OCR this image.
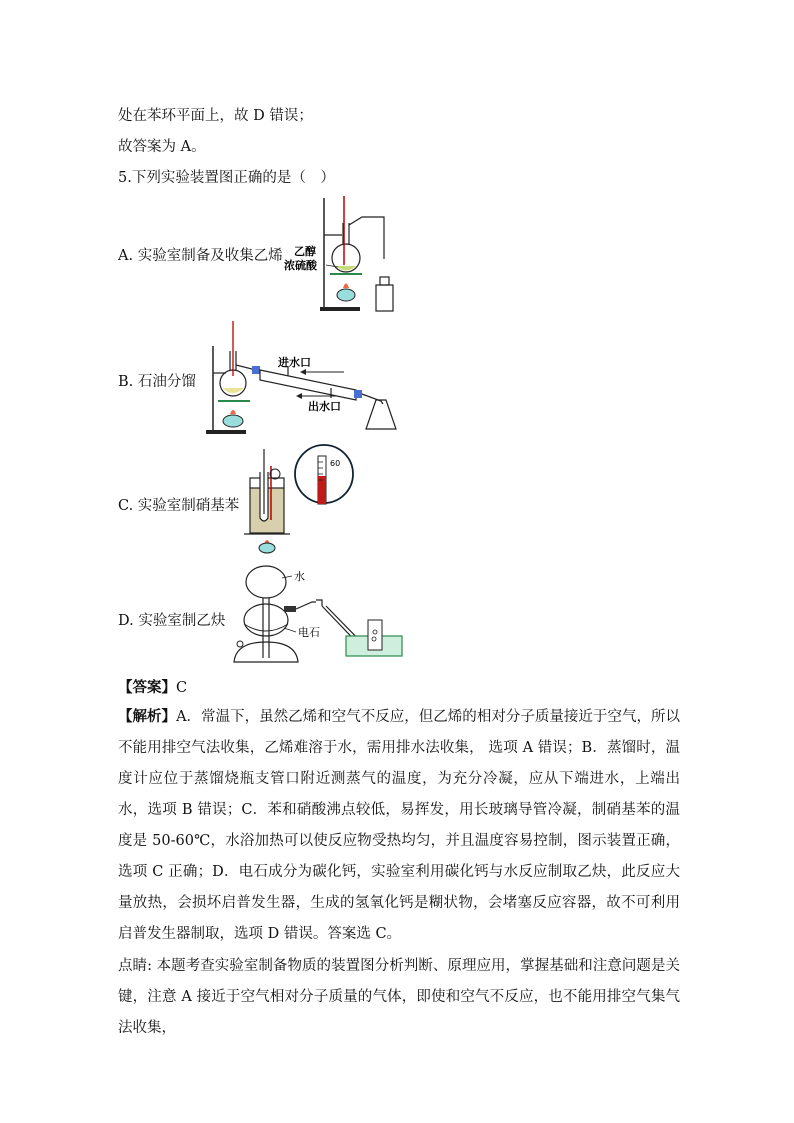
处在苯环平面上，故 D 错误；
故答案为 A。
5.下列实验装置图正确的是（　）
A. 实验室制备及收集乙烯 乙醇
浓硫酸
B. 石油分馏
进水口
出水口
C. 实验室制硝基苯
60
D. 实验室制乙炔
水
电石
【答案】C
【解析】A．常温下，虽然乙烯和空气不反应，但乙烯的相对分子质量接近于空气，所以不能用排空气法收集，乙烯难溶于水，需用排水法收集， 选项 A 错误；B．蒸馏时，温度计应位于蒸馏烧瓶支管口附近测蒸气的温度，为充分冷凝，应从下端进水，上端出水，选项 B 错误；C．苯和硝酸沸点较低，易挥发，用长玻璃导管冷凝，制硝基苯的温度是 50-60℃，水浴加热可以使反应物受热均匀，并且温度容易控制，图示装置正确，选项 C 正确；D．电石成分为碳化钙，实验室利用碳化钙与水反应制取乙炔，此反应大量放热，会损坏启普发生器，生成的氢氧化钙是糊状物，会堵塞反应容器，故不可利用启普发生器制取，选项 D 错误。答案选 C。
点睛: 本题考查实验室制备物质的装置图分析判断、原理应用，掌握基础和注意问题是关键，注意 A 接近于空气相对分子质量的气体，即使和空气不反应，也不能用排空气集气法收集，
